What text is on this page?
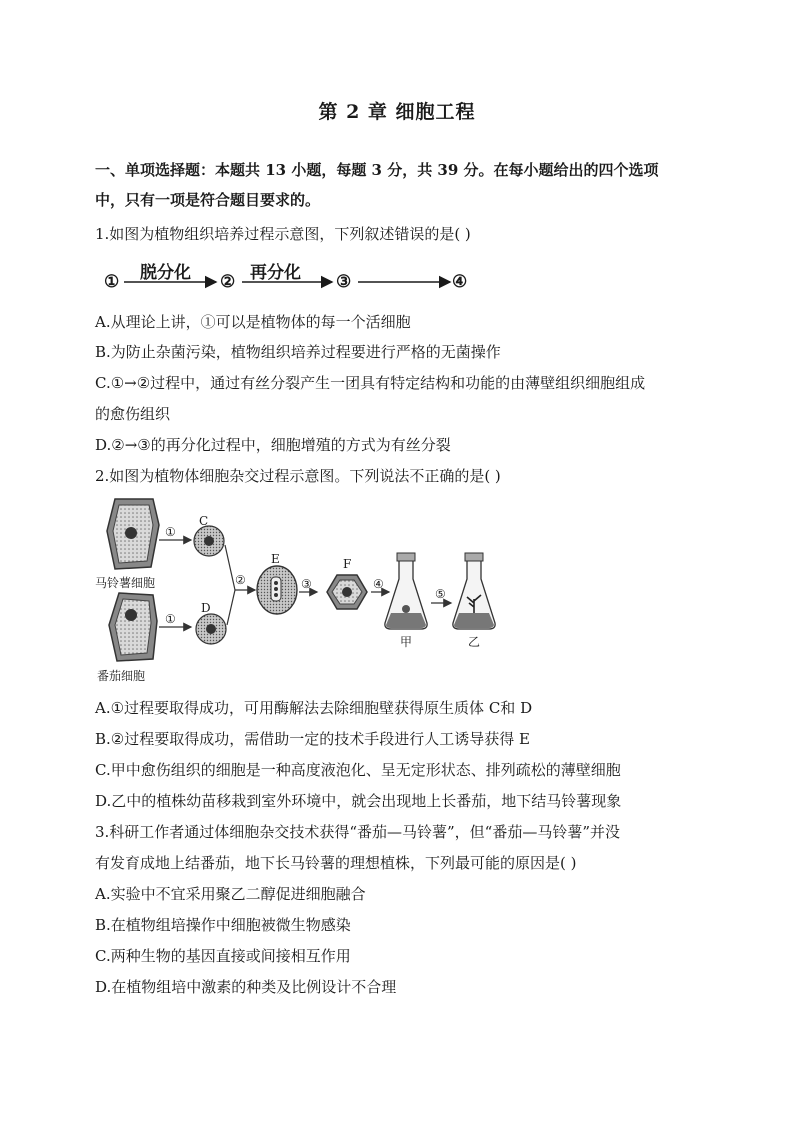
第 2 章 细胞工程
一、单项选择题：本题共 13 小题，每题 3 分，共 39 分。在每小题给出的四个选项
中，只有一项是符合题目要求的。
1.如图为植物组织培养过程示意图，下列叙述错误的是( )
①	②	③	④
脱分化	再分化
A.从理论上讲，①可以是植物体的每一个活细胞
B.为防止杂菌污染，植物组织培养过程要进行严格的无菌操作
C.①→②过程中，通过有丝分裂产生一团具有特定结构和功能的由薄壁组织细胞组成
的愈伤组织
D.②→③的再分化过程中，细胞增殖的方式为有丝分裂
2.如图为植物体细胞杂交过程示意图。下列说法不正确的是( )
马铃薯细胞
番茄细胞
①
①
C
D
②
E
③
F
④
⑤
甲	乙
A.①过程要取得成功，可用酶解法去除细胞壁获得原生质体 C和 D
B.②过程要取得成功，需借助一定的技术手段进行人工诱导获得 E
C.甲中愈伤组织的细胞是一种高度液泡化、呈无定形状态、排列疏松的薄壁细胞
D.乙中的植株幼苗移栽到室外环境中，就会出现地上长番茄，地下结马铃薯现象
3.科研工作者通过体细胞杂交技术获得“番茄—马铃薯”，但“番茄—马铃薯”并没
有发育成地上结番茄，地下长马铃薯的理想植株，下列最可能的原因是( )
A.实验中不宜采用聚乙二醇促进细胞融合
B.在植物组培操作中细胞被微生物感染
C.两种生物的基因直接或间接相互作用
D.在植物组培中激素的种类及比例设计不合理
